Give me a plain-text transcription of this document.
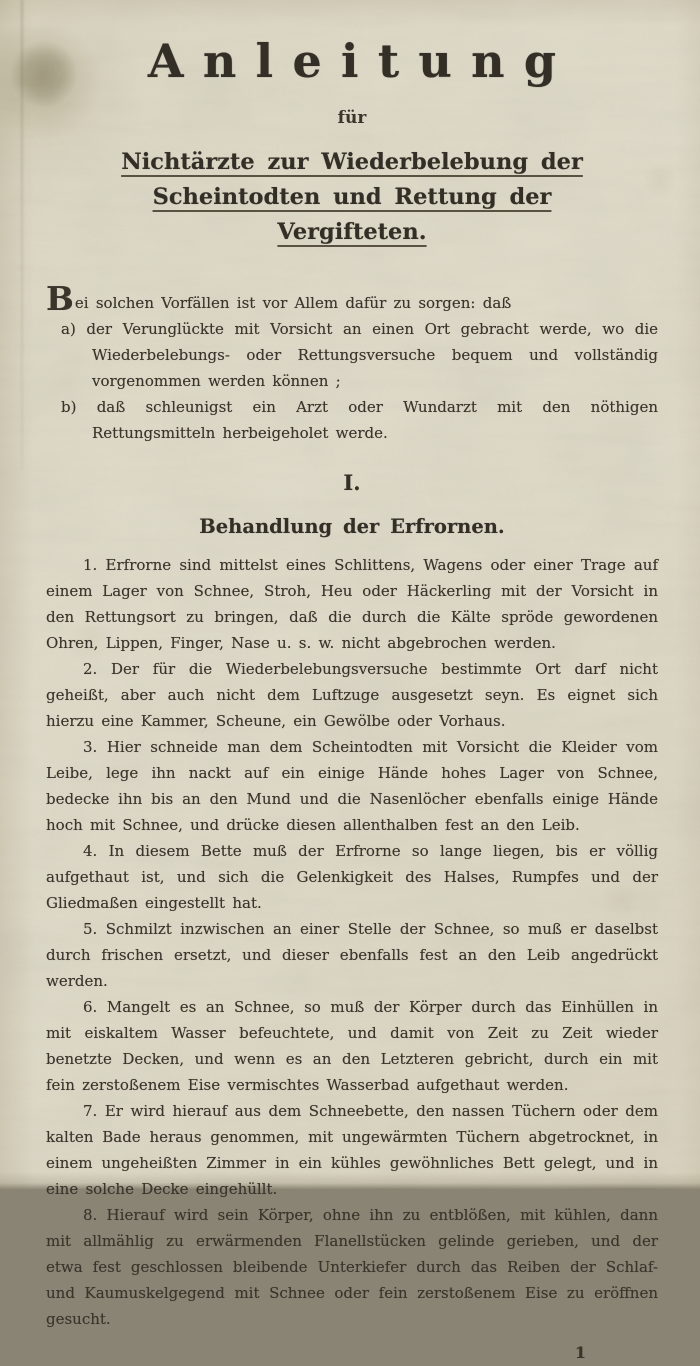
Anleitung
für
Nichtärzte zur Wiederbelebung der Scheintodten und Rettung der
Vergifteten.

Bei solchen Vorfällen ist vor Allem dafür zu sorgen: daß

a) der Verunglückte mit Vorsicht an einen Ort gebracht werde, wo die Wiederbelebungs- oder Rettungsversuche bequem und vollständig vorgenommen werden können ;

b) daß schleunigst ein Arzt oder Wundarzt mit den nöthigen Rettungsmitteln herbeigeholet werde.

I.
Behandlung der Erfrornen.

1. Erfrorne sind mittelst eines Schlittens, Wagens oder einer Trage auf einem Lager von Schnee, Stroh, Heu oder Häckerling mit der Vorsicht in den Rettungsort zu bringen, daß die durch die Kälte spröde gewordenen Ohren, Lippen, Finger, Nase u. s. w. nicht abgebrochen werden.

2. Der für die Wiederbelebungsversuche bestimmte Ort darf nicht geheißt, aber auch nicht dem Luftzuge ausgesetzt seyn. Es eignet sich hierzu eine Kammer, Scheune, ein Gewölbe oder Vorhaus.

3. Hier schneide man dem Scheintodten mit Vorsicht die Kleider vom Leibe, lege ihn nackt auf ein einige Hände hohes Lager von Schnee, bedecke ihn bis an den Mund und die Nasenlöcher ebenfalls einige Hände hoch mit Schnee, und drücke diesen allenthalben fest an den Leib.

4. In diesem Bette muß der Erfrorne so lange liegen, bis er völlig aufgethaut ist, und sich die Gelenkigkeit des Halses, Rumpfes und der Gliedmaßen eingestellt hat.

5. Schmilzt inzwischen an einer Stelle der Schnee, so muß er daselbst durch frischen ersetzt, und dieser ebenfalls fest an den Leib angedrückt werden.

6. Mangelt es an Schnee, so muß der Körper durch das Einhüllen in mit eiskaltem Wasser befeuchtete, und damit von Zeit zu Zeit wieder benetzte Decken, und wenn es an den Letzteren gebricht, durch ein mit fein zerstoßenem Eise vermischtes Wasserbad aufgethaut werden.

7. Er wird hierauf aus dem Schneebette, den nassen Tüchern oder dem kalten Bade heraus genommen, mit ungewärmten Tüchern abgetrocknet, in einem ungeheißten Zimmer in ein kühles gewöhnliches Bett gelegt, und in eine solche Decke eingehüllt.

8. Hierauf wird sein Körper, ohne ihn zu entblößen, mit kühlen, dann mit allmählig zu erwärmenden Flanellstücken gelinde gerieben, und der etwa fest geschlossen bleibende Unterkiefer durch das Reiben der Schlaf- und Kaumuskelgegend mit Schnee oder fein zerstoßenem Eise zu eröffnen gesucht.

1
